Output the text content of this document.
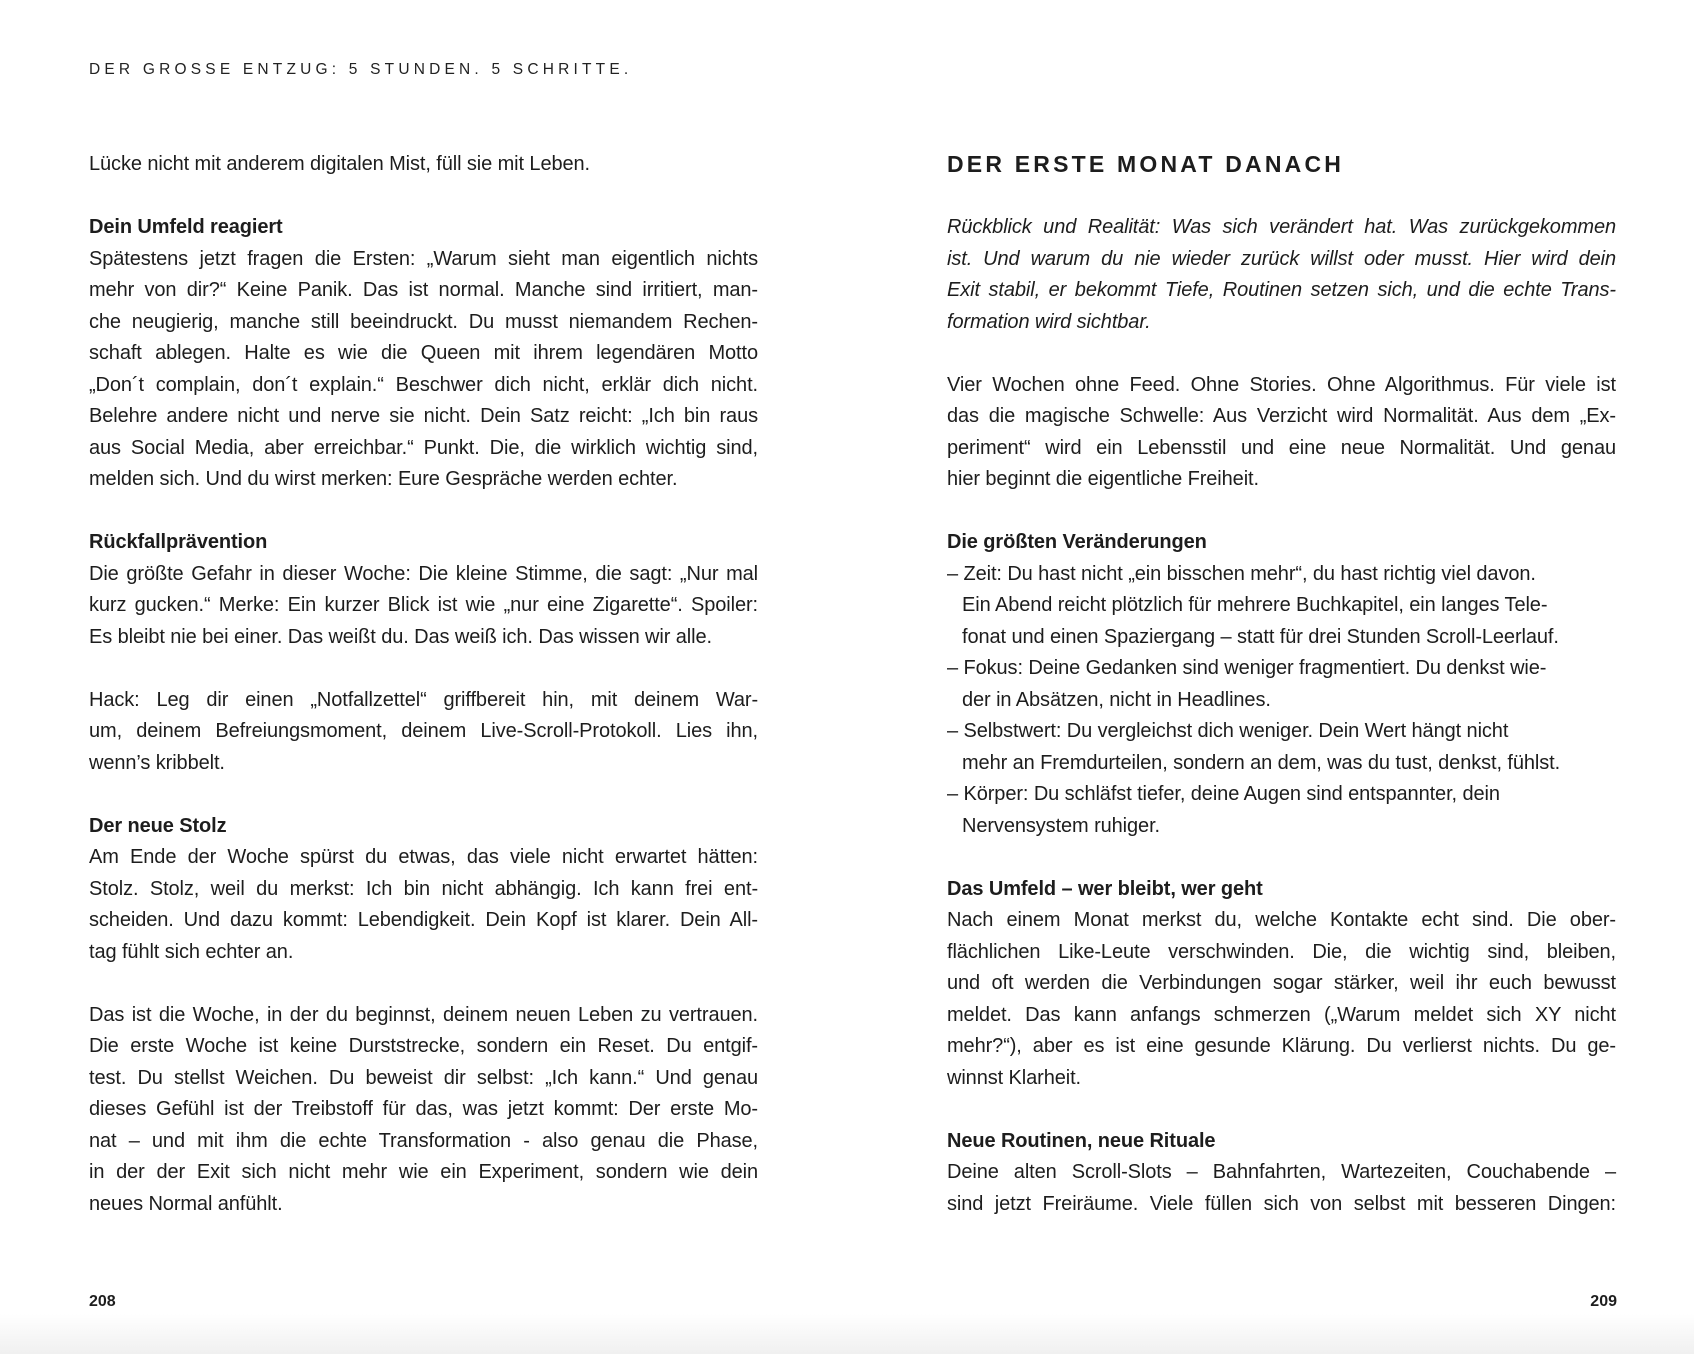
DER GROSSE ENTZUG: 5 STUNDEN. 5 SCHRITTE.
Lücke nicht mit anderem digitalen Mist, füll sie mit Leben.
Dein Umfeld reagiert
Spätestens jetzt fragen die Ersten: „Warum sieht man eigentlich nichts
mehr von dir?“ Keine Panik. Das ist normal. Manche sind irritiert, man-
che neugierig, manche still beeindruckt. Du musst niemandem Rechen-
schaft ablegen. Halte es wie die Queen mit ihrem legendären Motto
„Don´t complain, don´t explain.“ Beschwer dich nicht, erklär dich nicht.
Belehre andere nicht und nerve sie nicht. Dein Satz reicht: „Ich bin raus
aus Social Media, aber erreichbar.“ Punkt. Die, die wirklich wichtig sind,
melden sich. Und du wirst merken: Eure Gespräche werden echter.
Rückfallprävention
Die größte Gefahr in dieser Woche: Die kleine Stimme, die sagt: „Nur mal
kurz gucken.“ Merke: Ein kurzer Blick ist wie „nur eine Zigarette“. Spoiler:
Es bleibt nie bei einer. Das weißt du. Das weiß ich. Das wissen wir alle.
Hack: Leg dir einen „Notfallzettel“ griffbereit hin, mit deinem War-
um, deinem Befreiungsmoment, deinem Live-Scroll-Protokoll. Lies ihn,
wenn’s kribbelt.
Der neue Stolz
Am Ende der Woche spürst du etwas, das viele nicht erwartet hätten:
Stolz. Stolz, weil du merkst: Ich bin nicht abhängig. Ich kann frei ent-
scheiden. Und dazu kommt: Lebendigkeit. Dein Kopf ist klarer. Dein All-
tag fühlt sich echter an.
Das ist die Woche, in der du beginnst, deinem neuen Leben zu vertrauen.
Die erste Woche ist keine Durststrecke, sondern ein Reset. Du entgif-
test. Du stellst Weichen. Du beweist dir selbst: „Ich kann.“ Und genau
dieses Gefühl ist der Treibstoff für das, was jetzt kommt: Der erste Mo-
nat – und mit ihm die echte Transformation - also genau die Phase,
in der der Exit sich nicht mehr wie ein Experiment, sondern wie dein
neues Normal anfühlt.
DER ERSTE MONAT DANACH
Rückblick und Realität: Was sich verändert hat. Was zurückgekommen
ist. Und warum du nie wieder zurück willst oder musst. Hier wird dein
Exit stabil, er bekommt Tiefe, Routinen setzen sich, und die echte Trans-
formation wird sichtbar.
Vier Wochen ohne Feed. Ohne Stories. Ohne Algorithmus. Für viele ist
das die magische Schwelle: Aus Verzicht wird Normalität. Aus dem „Ex-
periment“ wird ein Lebensstil und eine neue Normalität. Und genau
hier beginnt die eigentliche Freiheit.
Die größten Veränderungen
– Zeit: Du hast nicht „ein bisschen mehr“, du hast richtig viel davon.
Ein Abend reicht plötzlich für mehrere Buchkapitel, ein langes Tele-
fonat und einen Spaziergang – statt für drei Stunden Scroll-Leerlauf.
– Fokus: Deine Gedanken sind weniger fragmentiert. Du denkst wie-
der in Absätzen, nicht in Headlines.
– Selbstwert: Du vergleichst dich weniger. Dein Wert hängt nicht
mehr an Fremdurteilen, sondern an dem, was du tust, denkst, fühlst.
– Körper: Du schläfst tiefer, deine Augen sind entspannter, dein
Nervensystem ruhiger.
Das Umfeld – wer bleibt, wer geht
Nach einem Monat merkst du, welche Kontakte echt sind. Die ober-
flächlichen Like-Leute verschwinden. Die, die wichtig sind, bleiben,
und oft werden die Verbindungen sogar stärker, weil ihr euch bewusst
meldet. Das kann anfangs schmerzen („Warum meldet sich XY nicht
mehr?“), aber es ist eine gesunde Klärung. Du verlierst nichts. Du ge-
winnst Klarheit.
Neue Routinen, neue Rituale
Deine alten Scroll-Slots – Bahnfahrten, Wartezeiten, Couchabende –
sind jetzt Freiräume. Viele füllen sich von selbst mit besseren Dingen:
208	209
